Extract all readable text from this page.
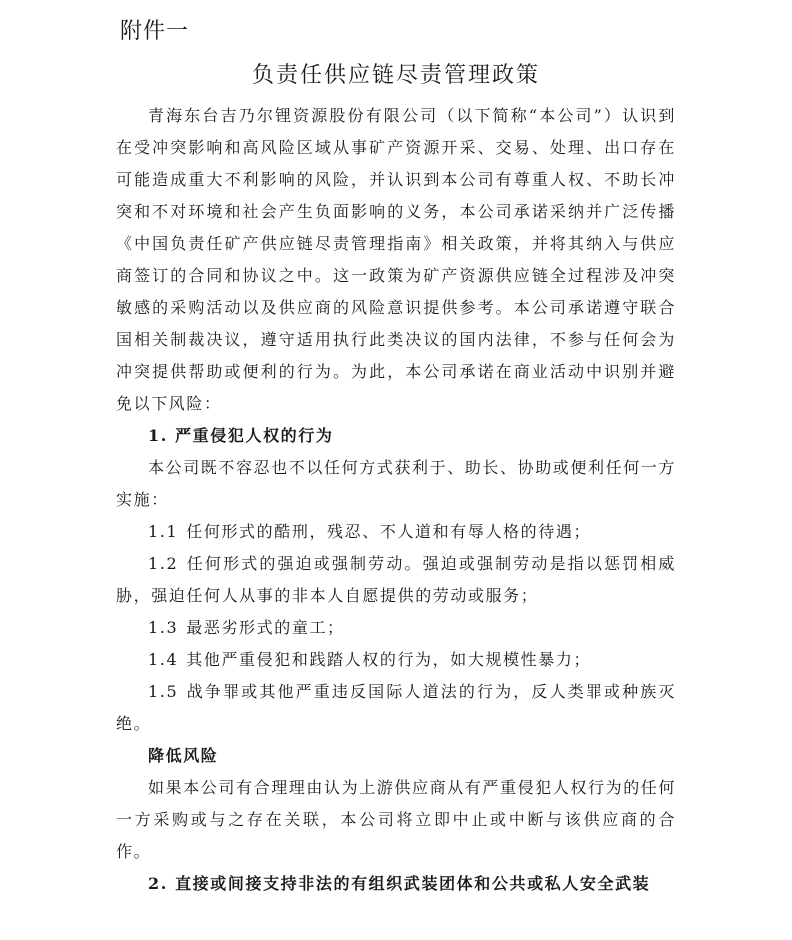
附件一
负责任供应链尽责管理政策

青海东台吉乃尔锂资源股份有限公司（以下简称“本公司”）认识到在受冲突影响和高风险区域从事矿产资源开采、交易、处理、出口存在可能造成重大不利影响的风险，并认识到本公司有尊重人权、不助长冲突和不对环境和社会产生负面影响的义务，本公司承诺采纳并广泛传播《中国负责任矿产供应链尽责管理指南》相关政策，并将其纳入与供应商签订的合同和协议之中。这一政策为矿产资源供应链全过程涉及冲突敏感的采购活动以及供应商的风险意识提供参考。本公司承诺遵守联合国相关制裁决议，遵守适用执行此类决议的国内法律，不参与任何会为冲突提供帮助或便利的行为。为此，本公司承诺在商业活动中识别并避免以下风险：

1. 严重侵犯人权的行为

本公司既不容忍也不以任何方式获利于、助长、协助或便利任何一方实施：

1.1 任何形式的酷刑，残忍、不人道和有辱人格的待遇；

1.2 任何形式的强迫或强制劳动。强迫或强制劳动是指以惩罚相威胁，强迫任何人从事的非本人自愿提供的劳动或服务；

1.3 最恶劣形式的童工；

1.4 其他严重侵犯和践踏人权的行为，如大规模性暴力；

1.5 战争罪或其他严重违反国际人道法的行为，反人类罪或种族灭绝。

降低风险

如果本公司有合理理由认为上游供应商从有严重侵犯人权行为的任何一方采购或与之存在关联，本公司将立即中止或中断与该供应商的合作。

2. 直接或间接支持非法的有组织武装团体和公共或私人安全武装
